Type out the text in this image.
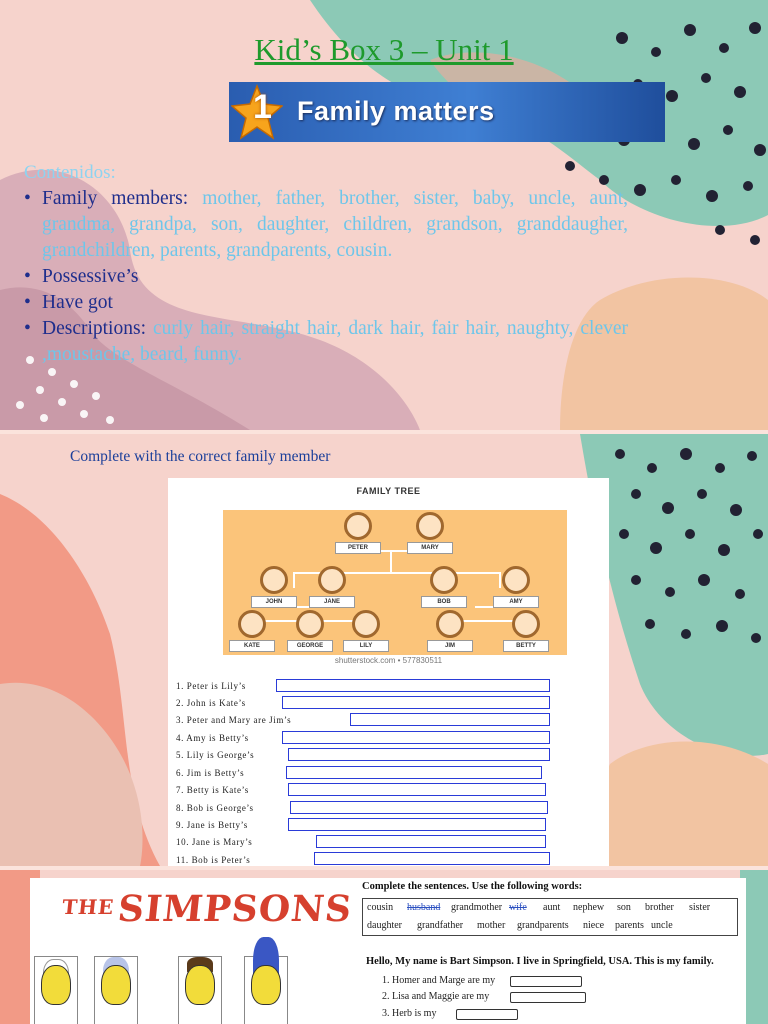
Kid’s Box 3 – Unit 1
1 Family matters
Contenidos:
• Family members: mother, father, brother, sister, baby, uncle, aunt, grandma, grandpa, son, daughter, children, grandson, granddaugher, grandchildren, parents, grandparents, cousin.
• Possessive’s
• Have got
• Descriptions: curly hair, straight hair, dark hair, fair hair, naughty, clever ,moustache, beard, funny.
Complete with the correct family member
FAMILY TREE
PETER	MARY
JOHN	JANE	BOB	AMY
KATE	GEORGE	LILY	JIM	BETTY
shutterstock.com • 577830511
1. Peter is Lily’s
2. John is Kate’s
3. Peter and Mary are Jim’s
4. Amy is Betty’s
5. Lily is George’s
6. Jim is Betty’s
7. Betty is Kate’s
8. Bob is George’s
9. Jane is Betty’s
10. Jane is Mary’s
11. Bob is Peter’s
THESIMPSONS
Complete the sentences. Use the following words:
cousin husband grandmother wife aunt nephew son brother sister
daughter grandfather mother grandparents niece parents uncle
Hello, My name is Bart Simpson. I live in Springfield, USA. This is my family.
1. Homer and Marge are my
2. Lisa and Maggie are my
3. Herb is my
